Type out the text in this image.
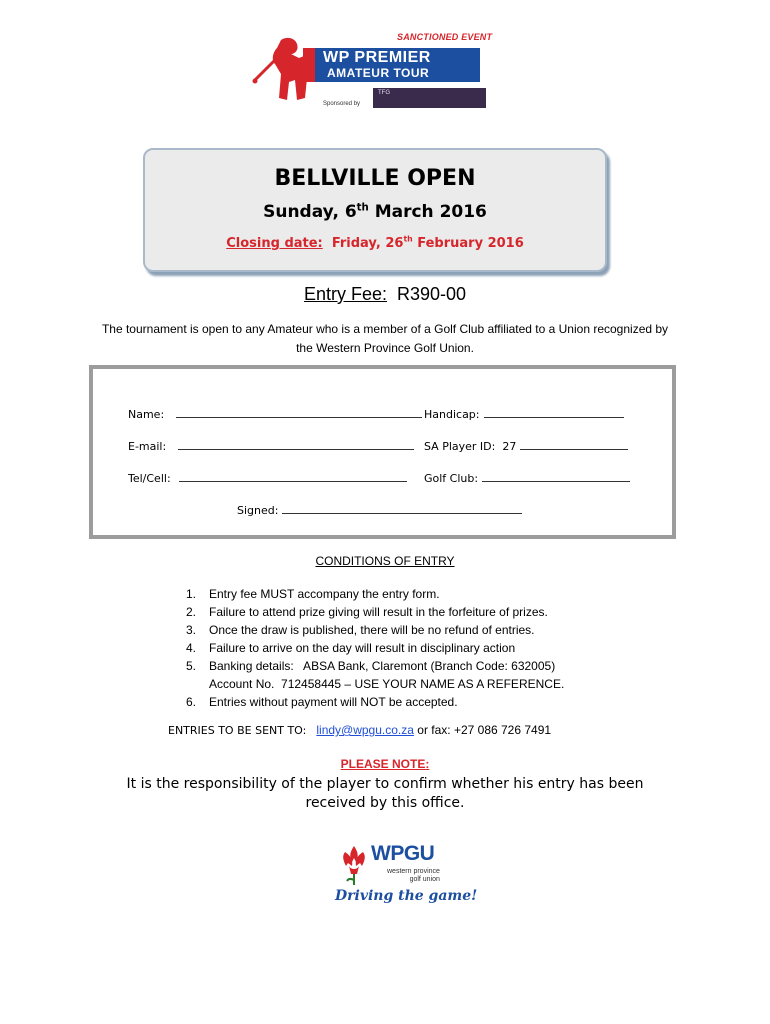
SANCTIONED EVENT
WP PREMIER
AMATEUR TOUR
Sponsored by
TFG
BELLVILLE OPEN
Sunday, 6th March 2016
Closing date:  Friday, 26th February 2016
Entry Fee: R390-00
The tournament is open to any Amateur who is a member of a Golf Club affiliated to a Union recognized by the Western Province Golf Union.
Name:	Handicap:
E-mail:	SA Player ID: 27
Tel/Cell:	Golf Club:
Signed:
CONDITIONS OF ENTRY
1. Entry fee MUST accompany the entry form.
2. Failure to attend prize giving will result in the forfeiture of prizes.
3. Once the draw is published, there will be no refund of entries.
4. Failure to arrive on the day will result in disciplinary action
5. Banking details:   ABSA Bank, Claremont (Branch Code: 632005)
Account No.  712458445 – USE YOUR NAME AS A REFERENCE.
6. Entries without payment will NOT be accepted.
ENTRIES TO BE SENT TO: lindy@wpgu.co.za or fax: +27 086 726 7491
PLEASE NOTE:
It is the responsibility of the player to confirm whether his entry has been received by this office.
WPGU
western province
golf union
Driving the game!
